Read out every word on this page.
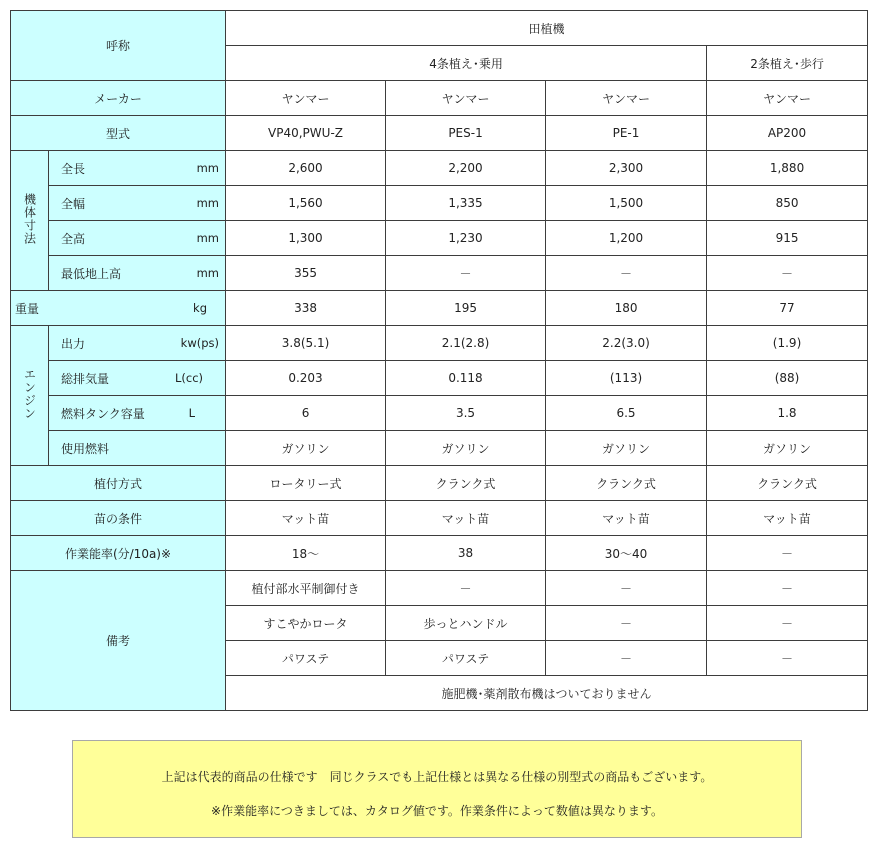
呼称		田植機			
		4条植え･乗用			2条植え･歩行
メーカー		ヤンマー	ヤンマー	ヤンマー	ヤンマー
型式		VP40,PWU-Z	PES-1	PE-1	AP200
機体寸法	全長 mm	2,600	2,200	2,300	1,880

	全幅 mm	1,560	1,335	1,500	850

	全高 mm	1,300	1,230	1,200	915

	最低地上高 mm	355	－	－	－

重量 kg		338	195	180	77
エンジン	出力 kw(ps)	3.8(5.1)	2.1(2.8)	2.2(3.0)	(1.9)

	総排気量 L(cc)	0.203	0.118	(113)	(88)

	燃料タンク容量 L	6	3.5	6.5	1.8

	使用燃料	ガソリン	ガソリン	ガソリン	ガソリン
植付方式		ロータリー式	クランク式	クランク式	クランク式
苗の条件		マット苗	マット苗	マット苗	マット苗
作業能率(分/10a)※		18～	38	30～40	－
備考		植付部水平制御付き	－	－	－
		すこやかロータ	歩っとハンドル	－	－
		パワステ	パワステ	－	－
		施肥機･薬剤散布機はついておりません			

上記は代表的商品の仕様です　同じクラスでも上記仕様とは異なる仕様の別型式の商品もございます。

※作業能率につきましては、カタログ値です。作業条件によって数値は異なります。
